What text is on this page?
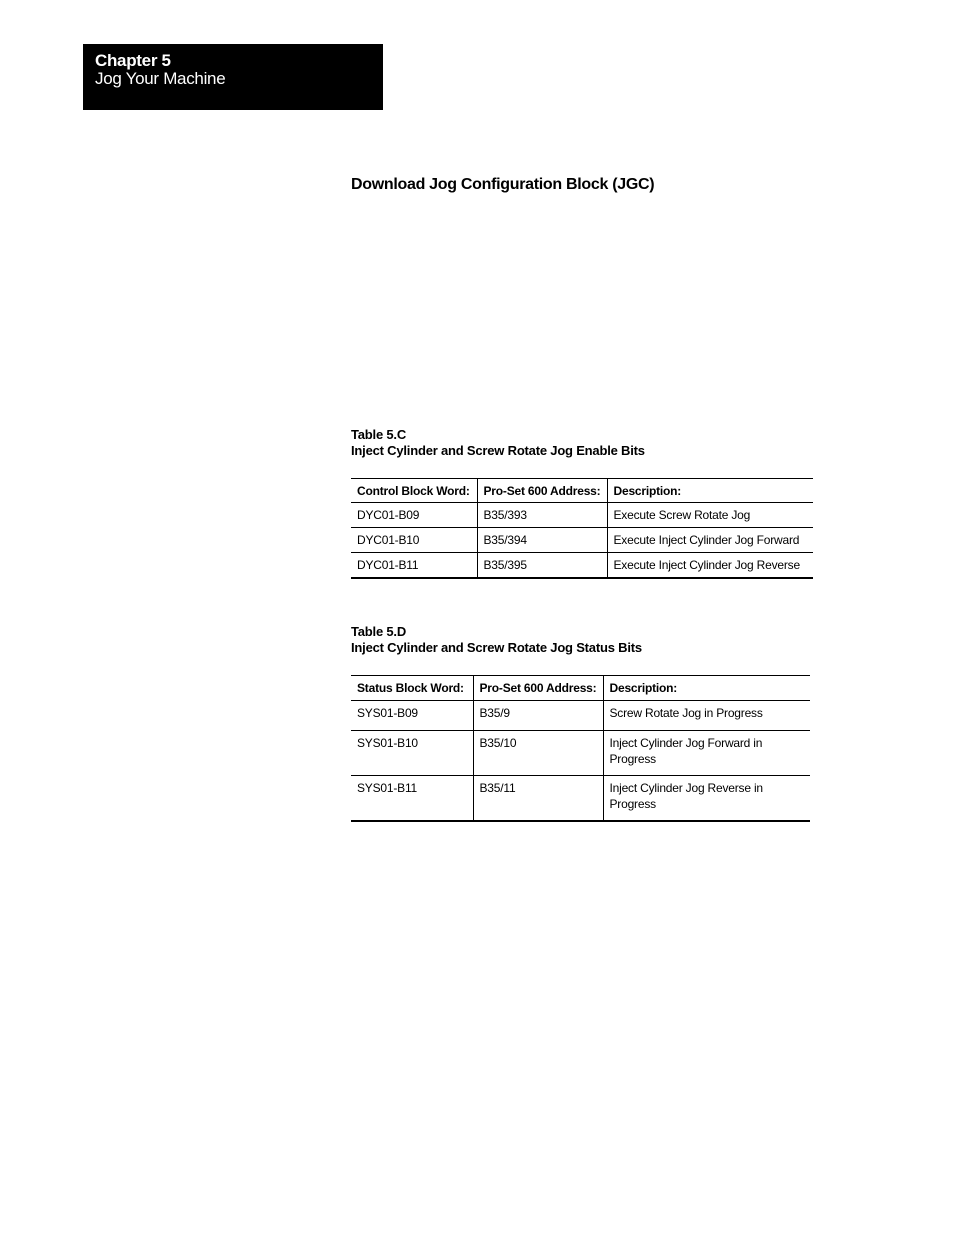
Chapter 5
Jog Your Machine
Download Jog Configuration Block (JGC)
Table 5.C
Inject Cylinder and Screw Rotate Jog Enable Bits
Control Block Word:	Pro-Set 600 Address:	Description:
DYC01-B09	B35/393	Execute Screw Rotate Jog
DYC01-B10	B35/394	Execute Inject Cylinder Jog Forward
DYC01-B11	B35/395	Execute Inject Cylinder Jog Reverse
Table 5.D
Inject Cylinder and Screw Rotate Jog Status Bits
Status Block Word:	Pro-Set 600 Address:	Description:
SYS01-B09	B35/9	Screw Rotate Jog in Progress
SYS01-B10	B35/10	Inject Cylinder Jog Forward in Progress
SYS01-B11	B35/11	Inject Cylinder Jog Reverse in Progress
